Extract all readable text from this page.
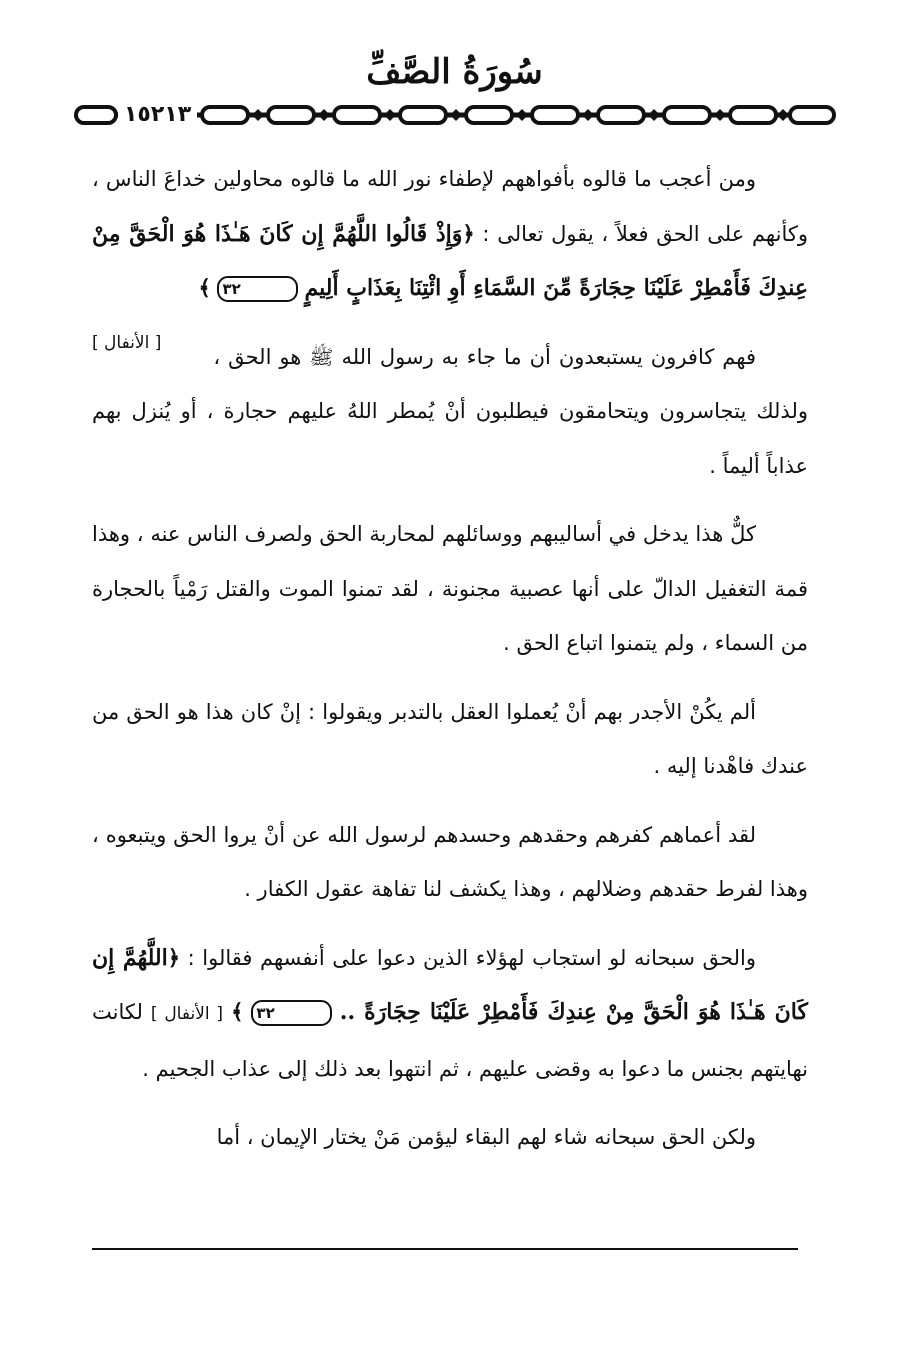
سُورَةُ الصَّفِّ
١٥٢١٣

ومن أعجب ما قالوه بأفواههم لإطفاء نور الله ما قالوه محاولين خداعَ الناس ، وكأنهم على الحق فعلاً ، يقول تعالى : ﴿وَإِذْ قَالُوا اللَّهُمَّ إِن كَانَ هَـٰذَا هُوَ الْحَقَّ مِنْ عِندِكَ فَأَمْطِرْ عَلَيْنَا حِجَارَةً مِّنَ السَّمَاءِ أَوِ ائْتِنَا بِعَذَابٍ أَلِيمٍ ٣٢ ﴾
[ الأنفال ]

فهم كافرون يستبعدون أن ما جاء به رسول الله ﷺ هو الحق ، ولذلك يتجاسرون ويتحامقون فيطلبون أنْ يُمطر اللهُ عليهم حجارة ، أو يُنزل بهم عذاباً أليماً .

كلٌّ هذا يدخل في أساليبهم ووسائلهم لمحاربة الحق ولصرف الناس عنه ، وهذا قمة التغفيل الدالّ على أنها عصبية مجنونة ، لقد تمنوا الموت والقتل رَمْياً بالحجارة من السماء ، ولم يتمنوا اتباع الحق .

ألم يكُنْ الأجدر بهم أنْ يُعملوا العقل بالتدبر ويقولوا : إنْ كان هذا هو الحق من عندك فاهْدنا إليه .

لقد أعماهم كفرهم وحقدهم وحسدهم لرسول الله عن أنْ يروا الحق ويتبعوه ، وهذا لفرط حقدهم وضلالهم ، وهذا يكشف لنا تفاهة عقول الكفار .

والحق سبحانه لو استجاب لهؤلاء الذين دعوا على أنفسهم فقالوا : ﴿اللَّهُمَّ إِن كَانَ هَـٰذَا هُوَ الْحَقَّ مِنْ عِندِكَ فَأَمْطِرْ عَلَيْنَا حِجَارَةً .. ٣٢ ﴾ [ الأنفال ] لكانت نهايتهم بجنس ما دعوا به وقضى عليهم ، ثم انتهوا بعد ذلك إلى عذاب الجحيم .

ولكن الحق سبحانه شاء لهم البقاء ليؤمن مَنْ يختار الإيمان ، أما
